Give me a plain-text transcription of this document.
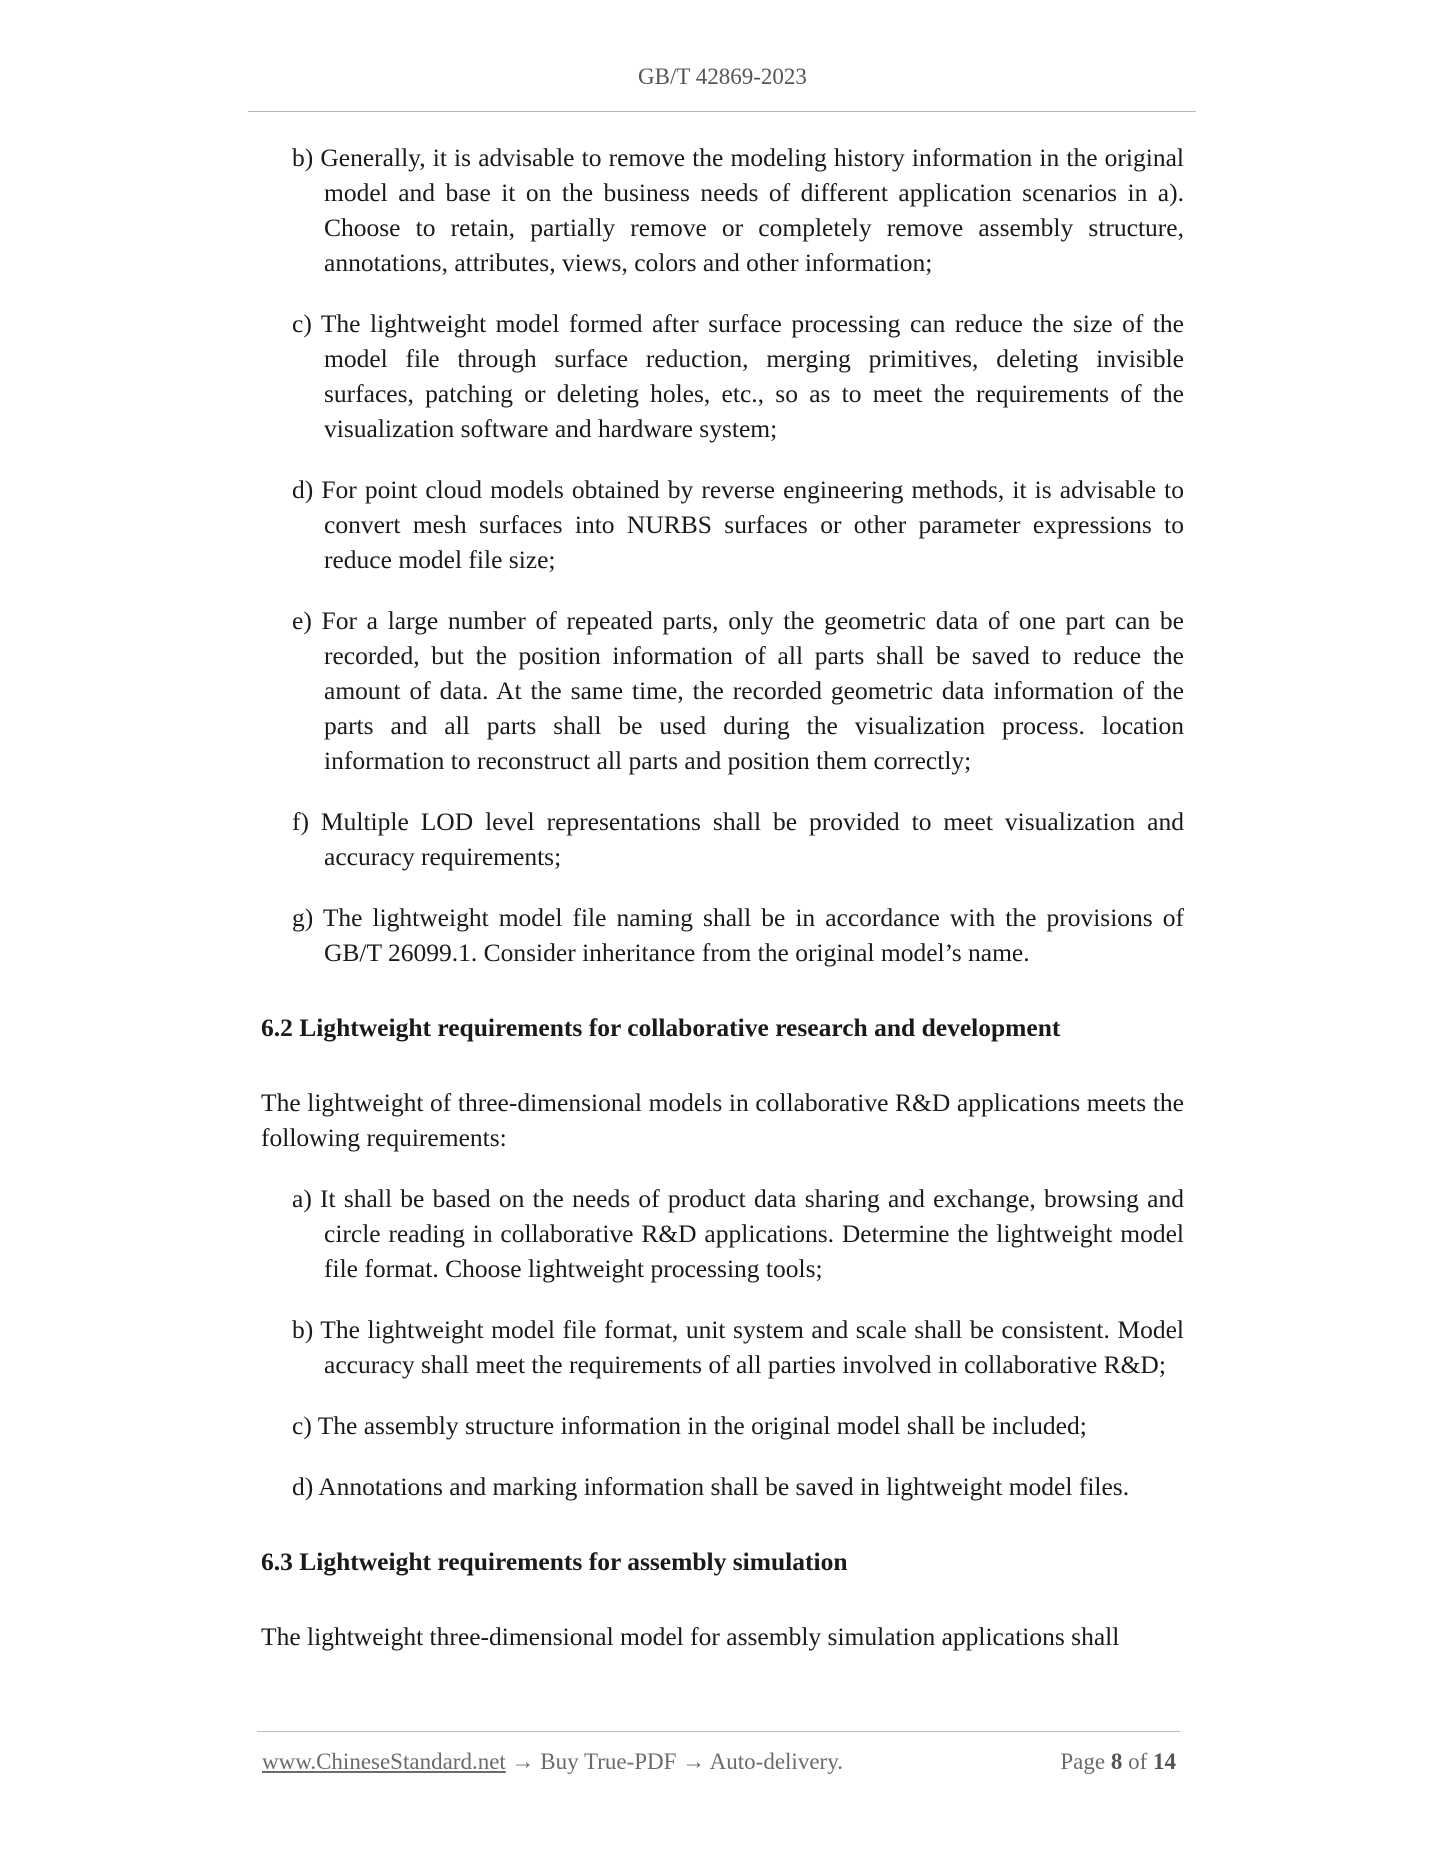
GB/T 42869-2023
b) Generally, it is advisable to remove the modeling history information in the original model and base it on the business needs of different application scenarios in a). Choose to retain, partially remove or completely remove assembly structure, annotations, attributes, views, colors and other information;
c) The lightweight model formed after surface processing can reduce the size of the model file through surface reduction, merging primitives, deleting invisible surfaces, patching or deleting holes, etc., so as to meet the requirements of the visualization software and hardware system;
d) For point cloud models obtained by reverse engineering methods, it is advisable to convert mesh surfaces into NURBS surfaces or other parameter expressions to reduce model file size;
e) For a large number of repeated parts, only the geometric data of one part can be recorded, but the position information of all parts shall be saved to reduce the amount of data. At the same time, the recorded geometric data information of the parts and all parts shall be used during the visualization process. location information to reconstruct all parts and position them correctly;
f) Multiple LOD level representations shall be provided to meet visualization and accuracy requirements;
g) The lightweight model file naming shall be in accordance with the provisions of GB/T 26099.1. Consider inheritance from the original model’s name.
6.2 Lightweight requirements for collaborative research and development
The lightweight of three-dimensional models in collaborative R&D applications meets the following requirements:
a) It shall be based on the needs of product data sharing and exchange, browsing and circle reading in collaborative R&D applications. Determine the lightweight model file format. Choose lightweight processing tools;
b) The lightweight model file format, unit system and scale shall be consistent. Model accuracy shall meet the requirements of all parties involved in collaborative R&D;
c) The assembly structure information in the original model shall be included;
d) Annotations and marking information shall be saved in lightweight model files.
6.3 Lightweight requirements for assembly simulation
The lightweight three-dimensional model for assembly simulation applications shall
www.ChineseStandard.net → Buy True-PDF → Auto-delivery.	Page 8 of 14
